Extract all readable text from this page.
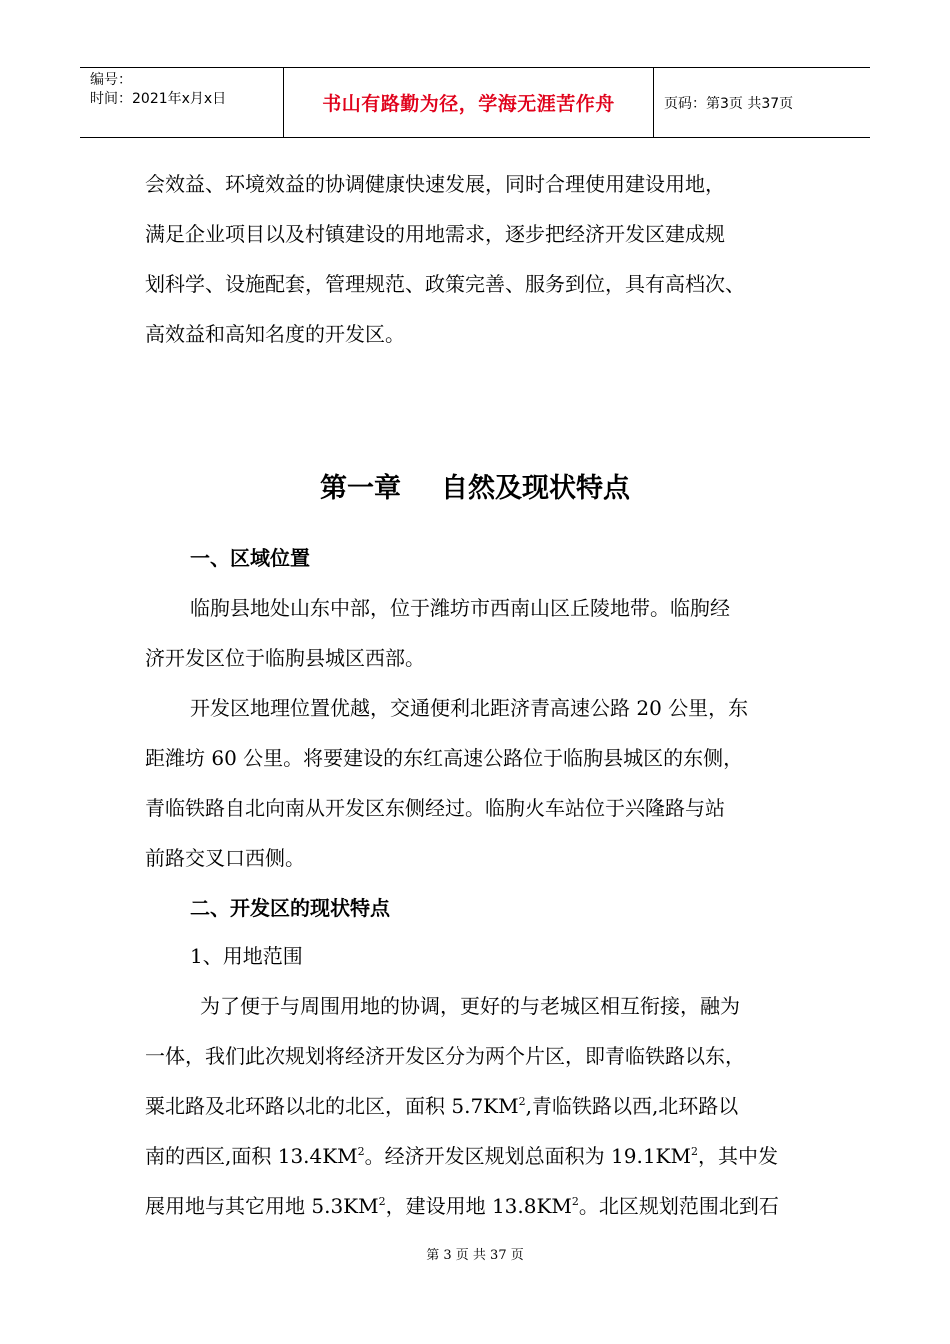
编号：
时间：2021年x月x日	书山有路勤为径，学海无涯苦作舟	页码：第3页 共37页
会效益、环境效益的协调健康快速发展，同时合理使用建设用地，
满足企业项目以及村镇建设的用地需求，逐步把经济开发区建成规
划科学、设施配套，管理规范、政策完善、服务到位，具有高档次、
高效益和高知名度的开发区。
第一章 自然及现状特点
一、区域位置
临朐县地处山东中部，位于潍坊市西南山区丘陵地带。临朐经
济开发区位于临朐县城区西部。
开发区地理位置优越，交通便利北距济青高速公路 20 公里，东
距潍坊 60 公里。将要建设的东红高速公路位于临朐县城区的东侧，
青临铁路自北向南从开发区东侧经过。临朐火车站位于兴隆路与站
前路交叉口西侧。
二、开发区的现状特点
1、用地范围
为了便于与周围用地的协调，更好的与老城区相互衔接，融为
一体，我们此次规划将经济开发区分为两个片区，即青临铁路以东，
粟北路及北环路以北的北区，面积 $5.7KM^2$,青临铁路以西,北环路以
南的西区,面积 $13.4KM^2$。经济开发区规划总面积为 $19.1KM^2$，其中发
展用地与其它用地 $5.3KM^2$，建设用地 $13.8KM^2$。北区规划范围北到石
第 3 页 共 37 页
